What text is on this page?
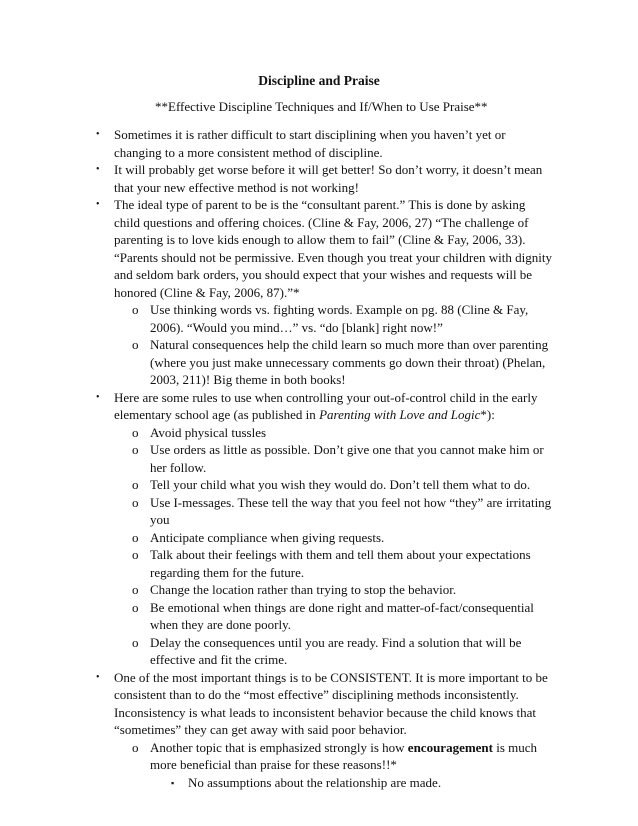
Discipline and Praise
**Effective Discipline Techniques and If/When to Use Praise**
• Sometimes it is rather difficult to start disciplining when you haven’t yet or changing to a more consistent method of discipline.
• It will probably get worse before it will get better! So don’t worry, it doesn’t mean that your new effective method is not working!
• The ideal type of parent to be is the “consultant parent.” This is done by asking child questions and offering choices. (Cline & Fay, 2006, 27) “The challenge of parenting is to love kids enough to allow them to fail” (Cline & Fay, 2006, 33). “Parents should not be permissive. Even though you treat your children with dignity and seldom bark orders, you should expect that your wishes and requests will be honored (Cline & Fay, 2006, 87).”*
o Use thinking words vs. fighting words. Example on pg. 88 (Cline & Fay, 2006). “Would you mind…” vs. “do [blank] right now!”
o Natural consequences help the child learn so much more than over parenting (where you just make unnecessary comments go down their throat) (Phelan, 2003, 211)! Big theme in both books!
• Here are some rules to use when controlling your out-of-control child in the early elementary school age (as published in Parenting with Love and Logic*):
o Avoid physical tussles
o Use orders as little as possible. Don’t give one that you cannot make him or her follow.
o Tell your child what you wish they would do. Don’t tell them what to do.
o Use I-messages. These tell the way that you feel not how “they” are irritating you
o Anticipate compliance when giving requests.
o Talk about their feelings with them and tell them about your expectations regarding them for the future.
o Change the location rather than trying to stop the behavior.
o Be emotional when things are done right and matter-of-fact/consequential when they are done poorly.
o Delay the consequences until you are ready. Find a solution that will be effective and fit the crime.
• One of the most important things is to be CONSISTENT. It is more important to be consistent than to do the “most effective” disciplining methods inconsistently. Inconsistency is what leads to inconsistent behavior because the child knows that “sometimes” they can get away with said poor behavior.
o Another topic that is emphasized strongly is how encouragement is much more beneficial than praise for these reasons!!*
▪ No assumptions about the relationship are made.
